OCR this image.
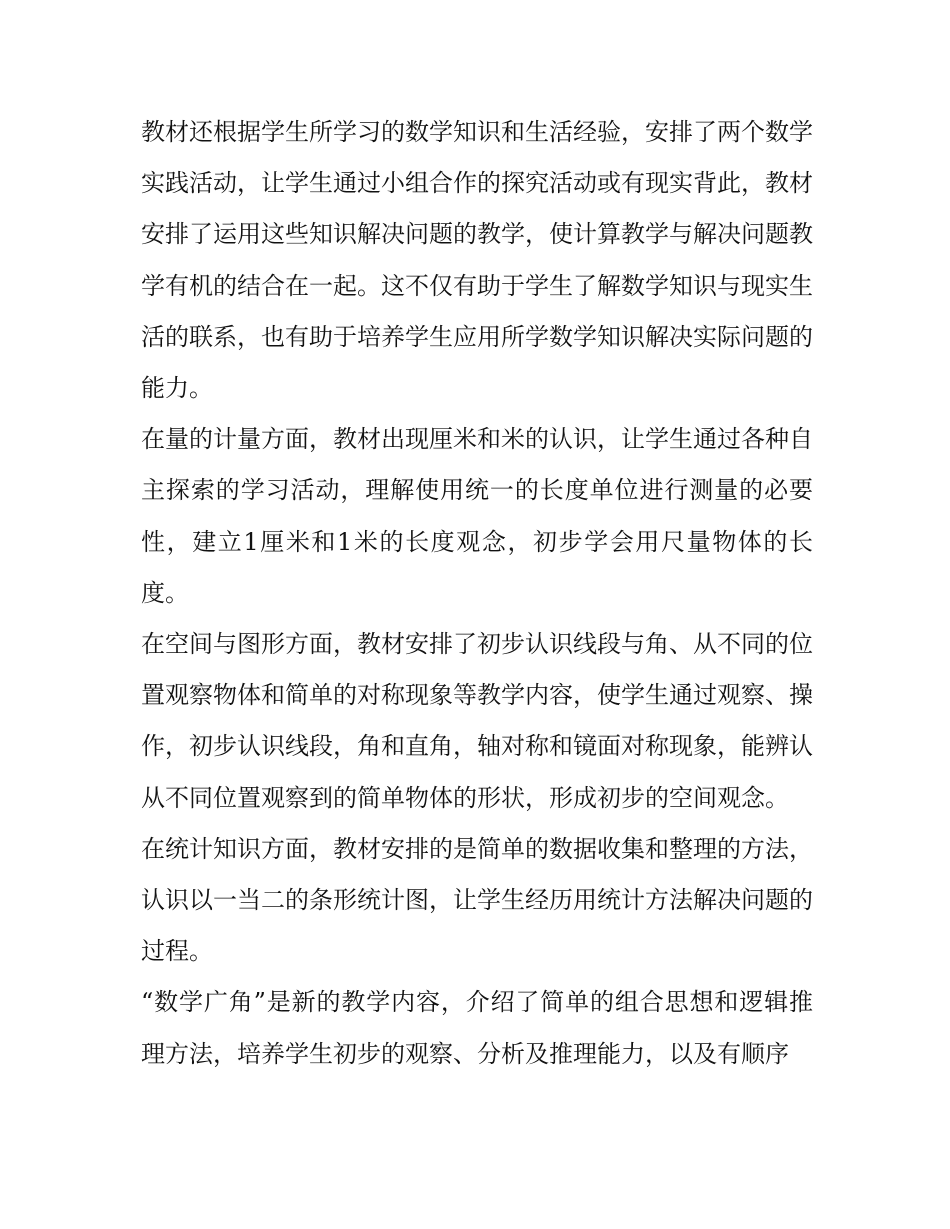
教材还根据学生所学习的数学知识和生活经验，安排了两个数学实践活动，让学生通过小组合作的探究活动或有现实背此，教材安排了运用这些知识解决问题的教学，使计算教学与解决问题教学有机的结合在一起。这不仅有助于学生了解数学知识与现实生活的联系，也有助于培养学生应用所学数学知识解决实际问题的能力。

在量的计量方面，教材出现厘米和米的认识，让学生通过各种自主探索的学习活动，理解使用统一的长度单位进行测量的必要性，建立1厘米和1米的长度观念，初步学会用尺量物体的长度。

在空间与图形方面，教材安排了初步认识线段与角、从不同的位置观察物体和简单的对称现象等教学内容，使学生通过观察、操作，初步认识线段，角和直角，轴对称和镜面对称现象，能辨认从不同位置观察到的简单物体的形状，形成初步的空间观念。

在统计知识方面，教材安排的是简单的数据收集和整理的方法，认识以一当二的条形统计图，让学生经历用统计方法解决问题的过程。

“数学广角”是新的教学内容，介绍了简单的组合思想和逻辑推理方法，培养学生初步的观察、分析及推理能力，以及有顺序
